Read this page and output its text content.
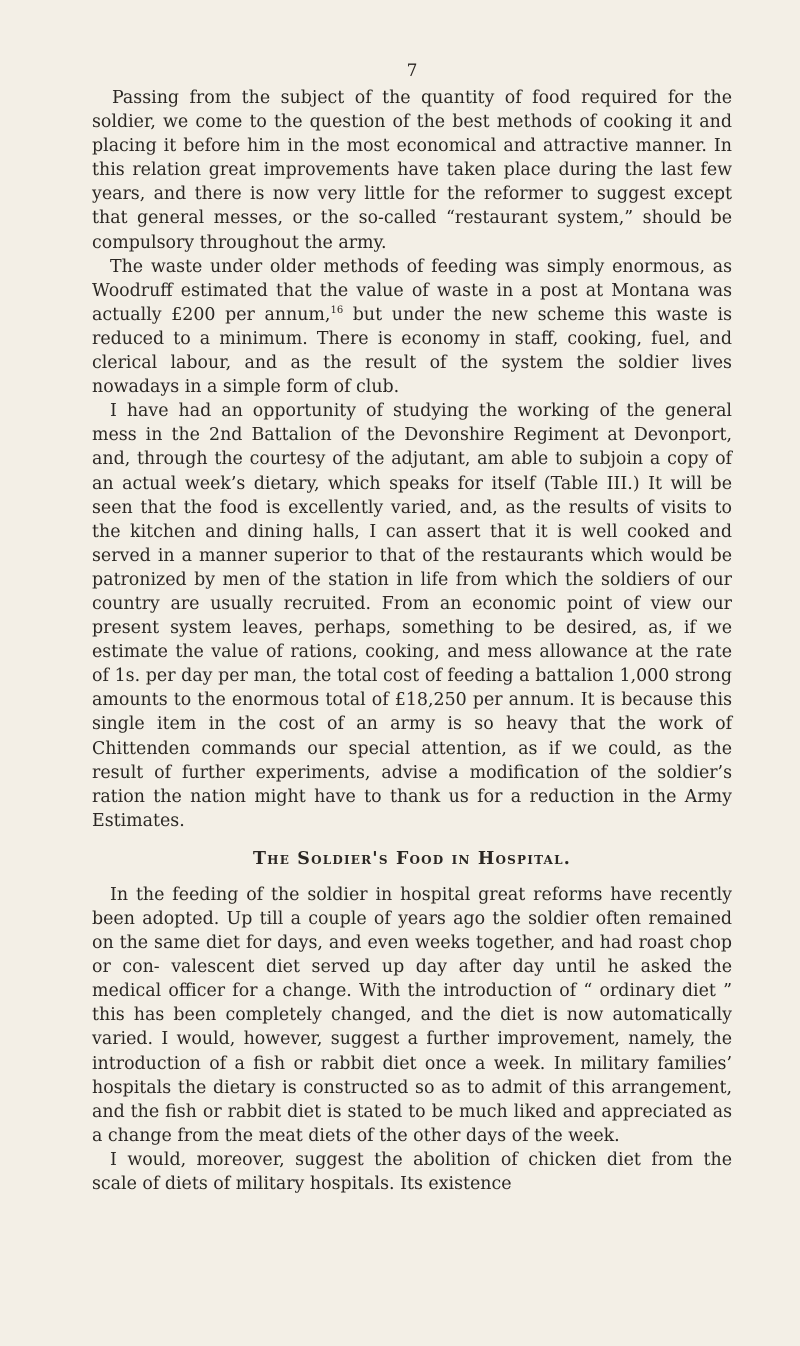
7

Passing from the subject of the quantity of food required for the soldier, we come to the question of the best methods of cooking it and placing it before him in the most economical and attractive manner. In this relation great improvements have taken place during the last few years, and there is now very little for the reformer to suggest except that general messes, or the so-called “restaurant system,” should be compulsory throughout the army.

The waste under older methods of feeding was simply enormous, as Woodruff estimated that the value of waste in a post at Montana was actually £200 per annum,$^{16}$ but under the new scheme this waste is reduced to a minimum. There is economy in staff, cooking, fuel, and clerical labour, and as the result of the system the soldier lives nowadays in a simple form of club.

I have had an opportunity of studying the working of the general mess in the 2nd Battalion of the Devonshire Regiment at Devonport, and, through the courtesy of the adjutant, am able to subjoin a copy of an actual week’s dietary, which speaks for itself (Table III.) It will be seen that the food is excellently varied, and, as the results of visits to the kitchen and dining halls, I can assert that it is well cooked and served in a manner superior to that of the restaurants which would be patronized by men of the station in life from which the soldiers of our country are usually recruited. From an economic point of view our present system leaves, perhaps, something to be desired, as, if we estimate the value of rations, cooking, and mess allowance at the rate of 1s. per day per man, the total cost of feeding a battalion 1,000 strong amounts to the enormous total of £18,250 per annum. It is because this single item in the cost of an army is so heavy that the work of Chittenden commands our special attention, as if we could, as the result of further experiments, advise a modification of the soldier’s ration the nation might have to thank us for a reduction in the Army Estimates.

The Soldier's Food in Hospital.

In the feeding of the soldier in hospital great reforms have recently been adopted. Up till a couple of years ago the soldier often remained on the same diet for days, and even weeks together, and had roast chop or con- valescent diet served up day after day until he asked the medical officer for a change. With the introduction of “ ordinary diet ” this has been completely changed, and the diet is now automatically varied. I would, however, suggest a further improvement, namely, the introduction of a fish or rabbit diet once a week. In military families’ hospitals the dietary is constructed so as to admit of this arrangement, and the fish or rabbit diet is stated to be much liked and appreciated as a change from the meat diets of the other days of the week.

I would, moreover, suggest the abolition of chicken diet from the scale of diets of military hospitals. Its existence
